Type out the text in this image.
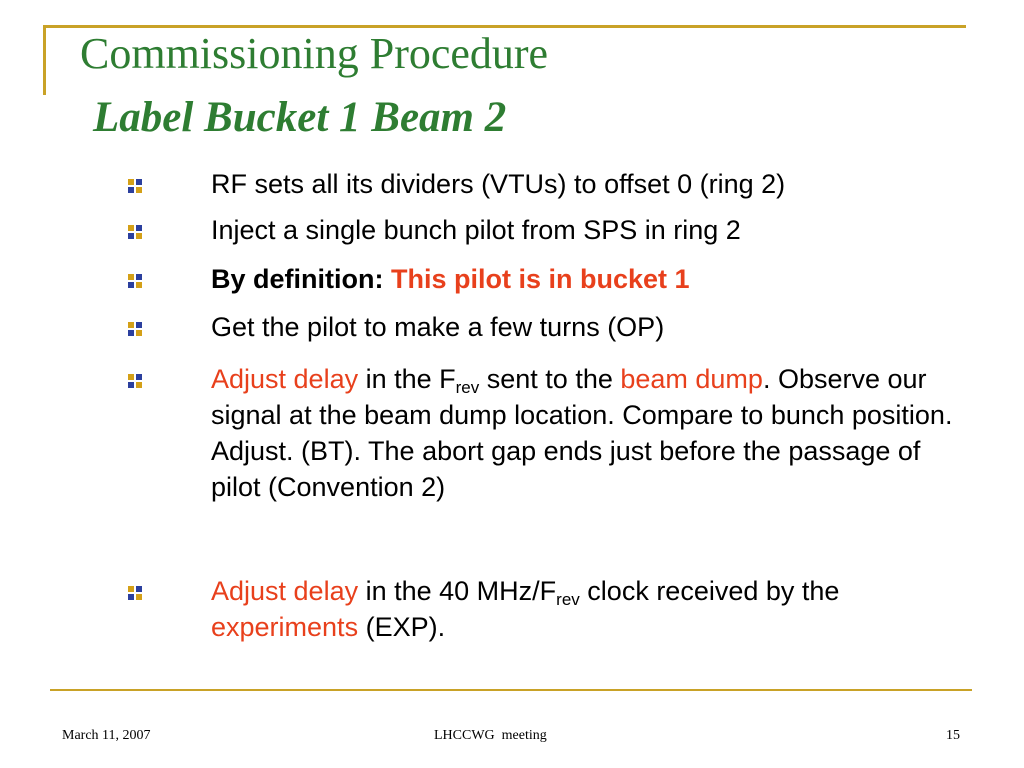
Commissioning Procedure
Label Bucket 1 Beam 2
RF sets all its dividers (VTUs) to offset 0 (ring 2)
Inject a single bunch pilot from SPS in ring 2
By definition: This pilot is in bucket 1
Get the pilot to make a few turns (OP)
Adjust delay in the $F_{rev}$ sent to the beam dump. Observe our signal at the beam dump location. Compare to bunch position. Adjust. (BT). The abort gap ends just before the passage of pilot (Convention 2)
Adjust delay in the 40 MHz/$F_{rev}$ clock received by the experiments (EXP).
March 11, 2007	LHCCWG  meeting	15
